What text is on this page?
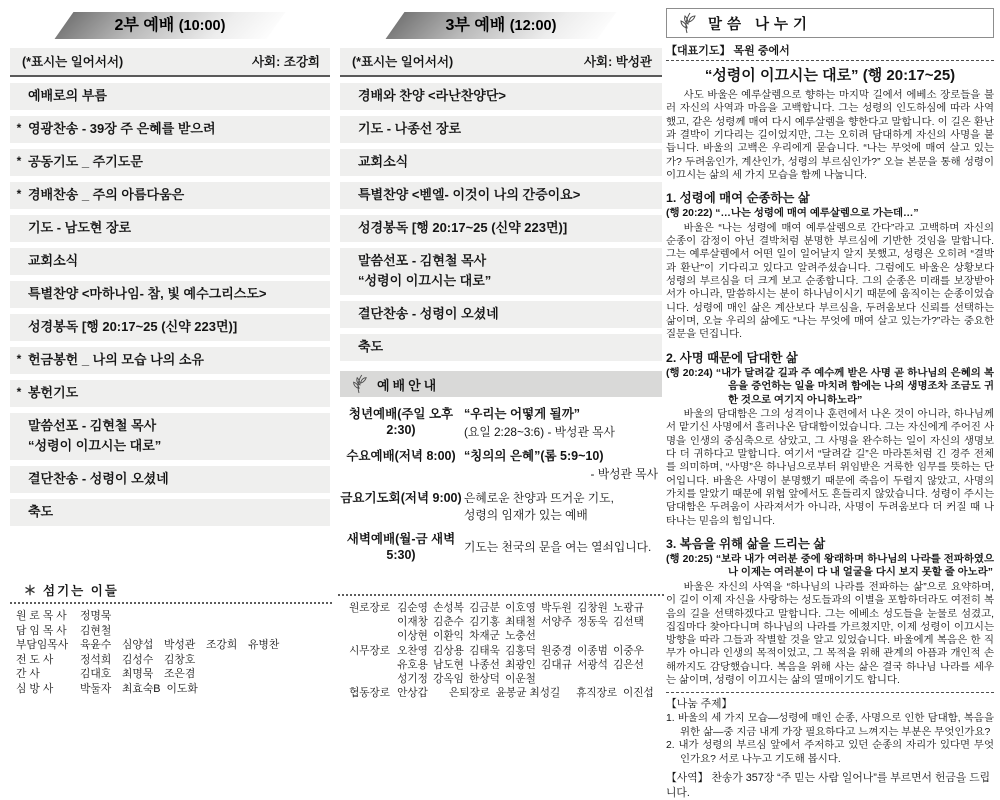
2부 예배 (10:00)
(*표시는 일어서서)	사회: 조강희
예배로의 부름
* 영광찬송 - 39장 주 은혜를 받으려
* 공동기도 _ 주기도문
* 경배찬송 _ 주의 아름다움은
기도 - 남도현 장로
교회소식
특별찬양 <마하나임- 참, 빛 예수그리스도>
성경봉독 [행 20:17~25 (신약 223면)]
* 헌금봉헌 _ 나의 모습 나의 소유
* 봉헌기도
말씀선포 - 김현철 목사
“성령이 이끄시는 대로”
결단찬송 - 성령이 오셨네
축도
섬기는 이들
원 로 목 사 정명묵
담 임 목 사 김현철
부담임목사 육윤수 심양섭 박성관 조강희 유병찬
전 도 사 정석희 김성수 김창호
간 사	김대호 최명묵 조은겸
심 방 사 박둘자 최효숙B 이도화
3부 예배 (12:00)
(*표시는 일어서서)	사회: 박성관
경배와 찬양 <라난찬양단>
기도 - 나종선 장로
교회소식
특별찬양 <벧엘- 이것이 나의 간증이요>
성경봉독 [행 20:17~25 (신약 223면)]
말씀선포 - 김현철 목사
“성령이 이끄시는 대로”
결단찬송 - 성령이 오셨네
축도
예배안내
청년예배(주일 오후 2:30)
“우리는 어떻게 될까”
(요일 2:28~3:6) - 박성관 목사
수요예배(저녁 8:00) “칭의의 은혜”(롬 5:9~10)
- 박성관 목사
금요기도회(저녁 9:00) 은혜로운 찬양과 뜨거운 기도,
성령의 임재가 있는 예배
새벽예배(월-금 새벽 5:30)
기도는 천국의 문을 여는 열쇠입니다.
원로장로 김순영 손성복 김금분 이호영 박두원 김창원 노광규
이재창 김춘수 김기홍 최태철 서양주 정동욱 김선택
이상현 이환익 차재군 노충선
시무장로 오찬영 김상용 김태욱 김홍덕 원중경 이종범 이중우
유호용 남도현 나종선 최광인 김대규 서광석 김은선
성기정 강옥임 한상덕 이운철
협동장로 안상갑 은퇴장로 윤봉균 최성길 휴직장로 이진섭
말씀 나누기
【대표기도】 목원 중에서
“성령이 이끄시는 대로” (행 20:17~25)

사도 바울은 예루살렘으로 향하는 마지막 길에서 에베소 장로들을 불러 자신의 사역과 마음을 고백합니다. 그는 성령의 인도하심에 따라 사역했고, 같은 성령께 매여 다시 예루살렘을 향한다고 말합니다. 이 길은 환난과 결박이 기다리는 길이었지만, 그는 오히려 담대하게 자신의 사명을 붙듭니다. 바울의 고백은 우리에게 묻습니다. “나는 무엇에 매여 살고 있는가? 두려움인가, 계산인가, 성령의 부르심인가?” 오늘 본문을 통해 성령이 이끄시는 삶의 세 가지 모습을 함께 나눕니다.

1. 성령에 매여 순종하는 삶
(행 20:22) “…나는 성령에 매여 예루살렘으로 가는데…”

바울은 “나는 성령에 매여 예루살렘으로 간다”라고 고백하며 자신의 순종이 감정이 아닌 결박처럼 분명한 부르심에 기반한 것임을 말합니다. 그는 예루살렘에서 어떤 일이 일어날지 알지 못했고, 성령은 오히려 “결박과 환난”이 기다리고 있다고 알려주셨습니다. 그럼에도 바울은 상황보다 성령의 부르심을 더 크게 보고 순종합니다. 그의 순종은 미래를 보장받아서가 아니라, 말씀하시는 분이 하나님이시기 때문에 움직이는 순종이었습니다. 성령에 매인 삶은 계산보다 부르심을, 두려움보다 신뢰를 선택하는 삶이며, 오늘 우리의 삶에도 “나는 무엇에 매여 살고 있는가?”라는 중요한 질문을 던집니다.

2. 사명 때문에 담대한 삶
(행 20:24) “내가 달려갈 길과 주 예수께 받은 사명 곧 하나님의 은혜의 복음을 증언하는 일을 마치려 함에는 나의 생명조차 조금도 귀한 것으로 여기지 아니하노라”

바울의 담대함은 그의 성격이나 훈련에서 나온 것이 아니라, 하나님께서 맡기신 사명에서 흘러나온 담대함이었습니다. 그는 자신에게 주어진 사명을 인생의 중심축으로 삼았고, 그 사명을 완수하는 일이 자신의 생명보다 더 귀하다고 말합니다. 여기서 “달려갈 길”은 마라톤처럼 긴 경주 전체를 의미하며, “사명”은 하나님으로부터 위임받은 거룩한 임무를 뜻하는 단어입니다. 바울은 사명이 분명했기 때문에 죽음이 두렵지 않았고, 사명의 가치를 알았기 때문에 위협 앞에서도 흔들리지 않았습니다. 성령이 주시는 담대함은 두려움이 사라져서가 아니라, 사명이 두려움보다 더 커질 때 나타나는 믿음의 힘입니다.

3. 복음을 위해 삶을 드리는 삶
(행 20:25) “보라 내가 여러분 중에 왕래하며 하나님의 나라를 전파하였으나 이제는 여러분이 다 내 얼굴을 다시 보지 못할 줄 아노라”

바울은 자신의 사역을 “하나님의 나라를 전파하는 삶”으로 요약하며, 이 길이 이제 자신을 사랑하는 성도들과의 이별을 포함하더라도 여전히 복음의 길을 선택하겠다고 말합니다. 그는 에베소 성도들을 눈물로 섬겼고, 집집마다 찾아다니며 하나님의 나라를 가르쳤지만, 이제 성령이 이끄시는 방향을 따라 그들과 작별할 것을 알고 있었습니다. 바울에게 복음은 한 직무가 아니라 인생의 목적이었고, 그 목적을 위해 관계의 아픔과 개인적 손해까지도 감당했습니다. 복음을 위해 사는 삶은 결국 하나님 나라를 세우는 삶이며, 성령이 이끄시는 삶의 열매이기도 합니다.

【나눔 주제】

1. 바울의 세 가지 모습—성령에 매인 순종, 사명으로 인한 담대함, 복음을 위한 삶—중 지금 내게 가장 필요하다고 느껴지는 부분은 무엇인가요?

2. 내가 성령의 부르심 앞에서 주저하고 있던 순종의 자리가 있다면 무엇인가요? 서로 나누고 기도해 봅시다.

【사역】 찬송가 357장 “주 믿는 사람 일어나”를 부르면서 헌금을 드립니다.
